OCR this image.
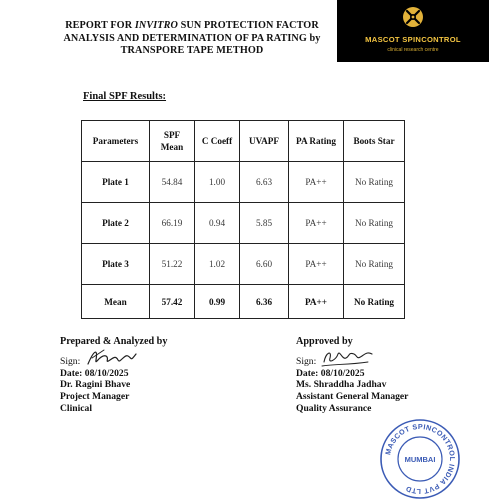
REPORT FOR INVITRO SUN PROTECTION FACTOR
ANALYSIS AND DETERMINATION OF PA RATING by
TRANSPORE TAPE METHOD
MASCOT SPINCONTROL
clinical research centre
Final SPF Results:
Parameters	SPF Mean	C Coeff	UVAPF	PA Rating	Boots Star
Plate 1	54.84	1.00	6.63	PA++	No Rating
Plate 2	66.19	0.94	5.85	PA++	No Rating
Plate 3	51.22	1.02	6.60	PA++	No Rating
Mean	57.42	0.99	6.36	PA++	No Rating
Prepared & Analyzed by
Sign:
Date: 08/10/2025
Dr. Ragini Bhave
Project Manager
Clinical
Approved by
Sign:
Date: 08/10/2025
Ms. Shraddha Jadhav
Assistant General Manager
Quality Assurance
MASCOT SPINCONTROL INDIA PVT LTD
MUMBAI
